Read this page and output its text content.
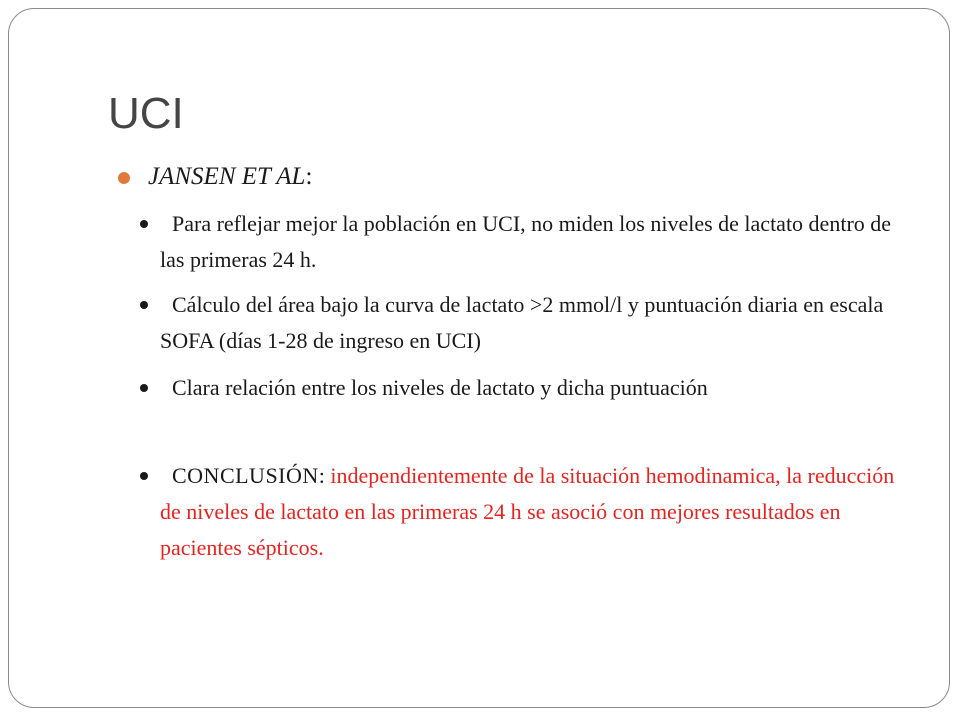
UCI
JANSEN ET AL:
Para reflejar mejor la población en UCI, no miden los niveles de lactato dentro de las primeras 24 h.
Cálculo del área bajo la curva de lactato >2 mmol/l y puntuación diaria en escala SOFA (días 1-28 de ingreso en UCI)
Clara relación entre los niveles de lactato y dicha puntuación
CONCLUSIÓN: independientemente de la situación hemodinamica, la reducción de niveles de lactato en las primeras 24 h se asoció con mejores resultados en pacientes sépticos.
